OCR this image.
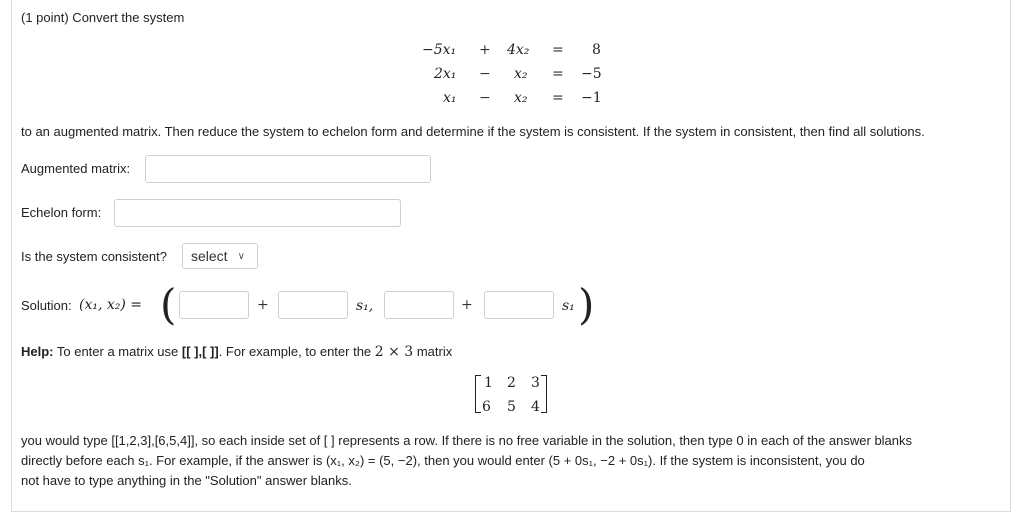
(1 point) Convert the system
−5x₁ + 4x₂ = 8
2x₁ − x₂ = −5
x₁ − x₂ = −1
to an augmented matrix. Then reduce the system to echelon form and determine if the system is consistent. If the system in consistent, then find all solutions.
Augmented matrix:
Echelon form:
Is the system consistent? select ∨
Solution: (x₁, x₂) = (	+	s₁,	+	s₁ )
Help: To enter a matrix use [[ ],[ ]]. For example, to enter the 2 × 3 matrix
1 2 3
6 5 4
you would type [[1,2,3],[6,5,4]], so each inside set of [ ] represents a row. If there is no free variable in the solution, then type 0 in each of the answer blanks
directly before each s₁. For example, if the answer is (x₁, x₂) = (5, −2), then you would enter (5 + 0s₁, −2 + 0s₁). If the system is inconsistent, you do
not have to type anything in the "Solution" answer blanks.
